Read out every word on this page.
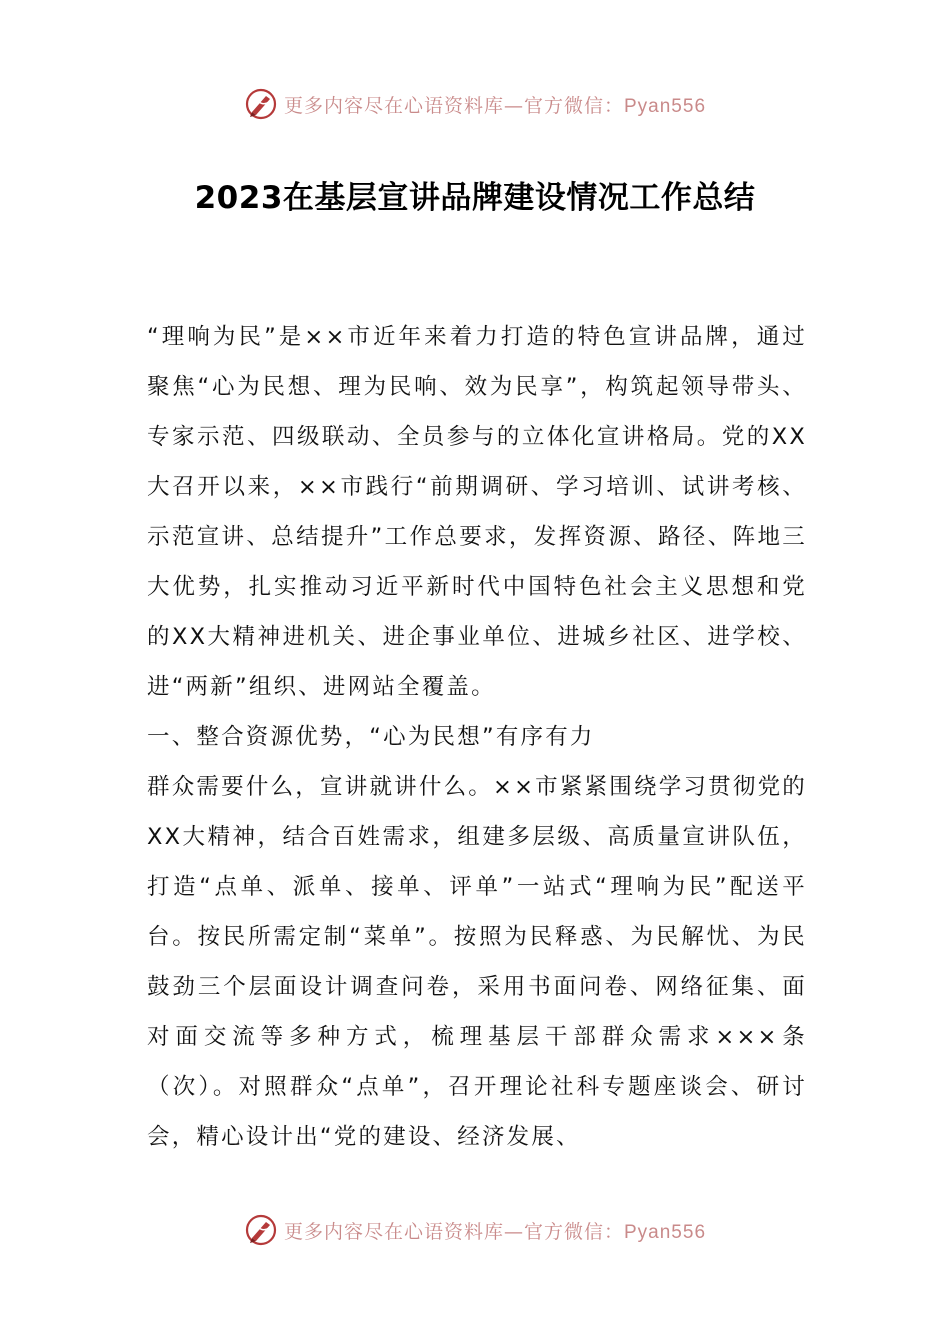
更多内容尽在心语资料库—官方微信：Pyan556
2023在基层宣讲品牌建设情况工作总结

“理响为民”是××市近年来着力打造的特色宣讲品牌，通过聚焦“心为民想、理为民响、效为民享”，构筑起领导带头、专家示范、四级联动、全员参与的立体化宣讲格局。党的XX大召开以来，××市践行“前期调研、学习培训、试讲考核、示范宣讲、总结提升”工作总要求，发挥资源、路径、阵地三大优势，扎实推动习近平新时代中国特色社会主义思想和党的XX大精神进机关、进企事业单位、进城乡社区、进学校、进“两新”组织、进网站全覆盖。

一、整合资源优势，“心为民想”有序有力

群众需要什么，宣讲就讲什么。××市紧紧围绕学习贯彻党的XX大精神，结合百姓需求，组建多层级、高质量宣讲队伍，打造“点单、派单、接单、评单”一站式“理响为民”配送平台。按民所需定制“菜单”。按照为民释惑、为民解忧、为民鼓劲三个层面设计调查问卷，采用书面问卷、网络征集、面对面交流等多种方式，梳理基层干部群众需求×××条（次）。对照群众“点单”，召开理论社科专题座谈会、研讨会，精心设计出“党的建设、经济发展、

更多内容尽在心语资料库—官方微信：Pyan556
